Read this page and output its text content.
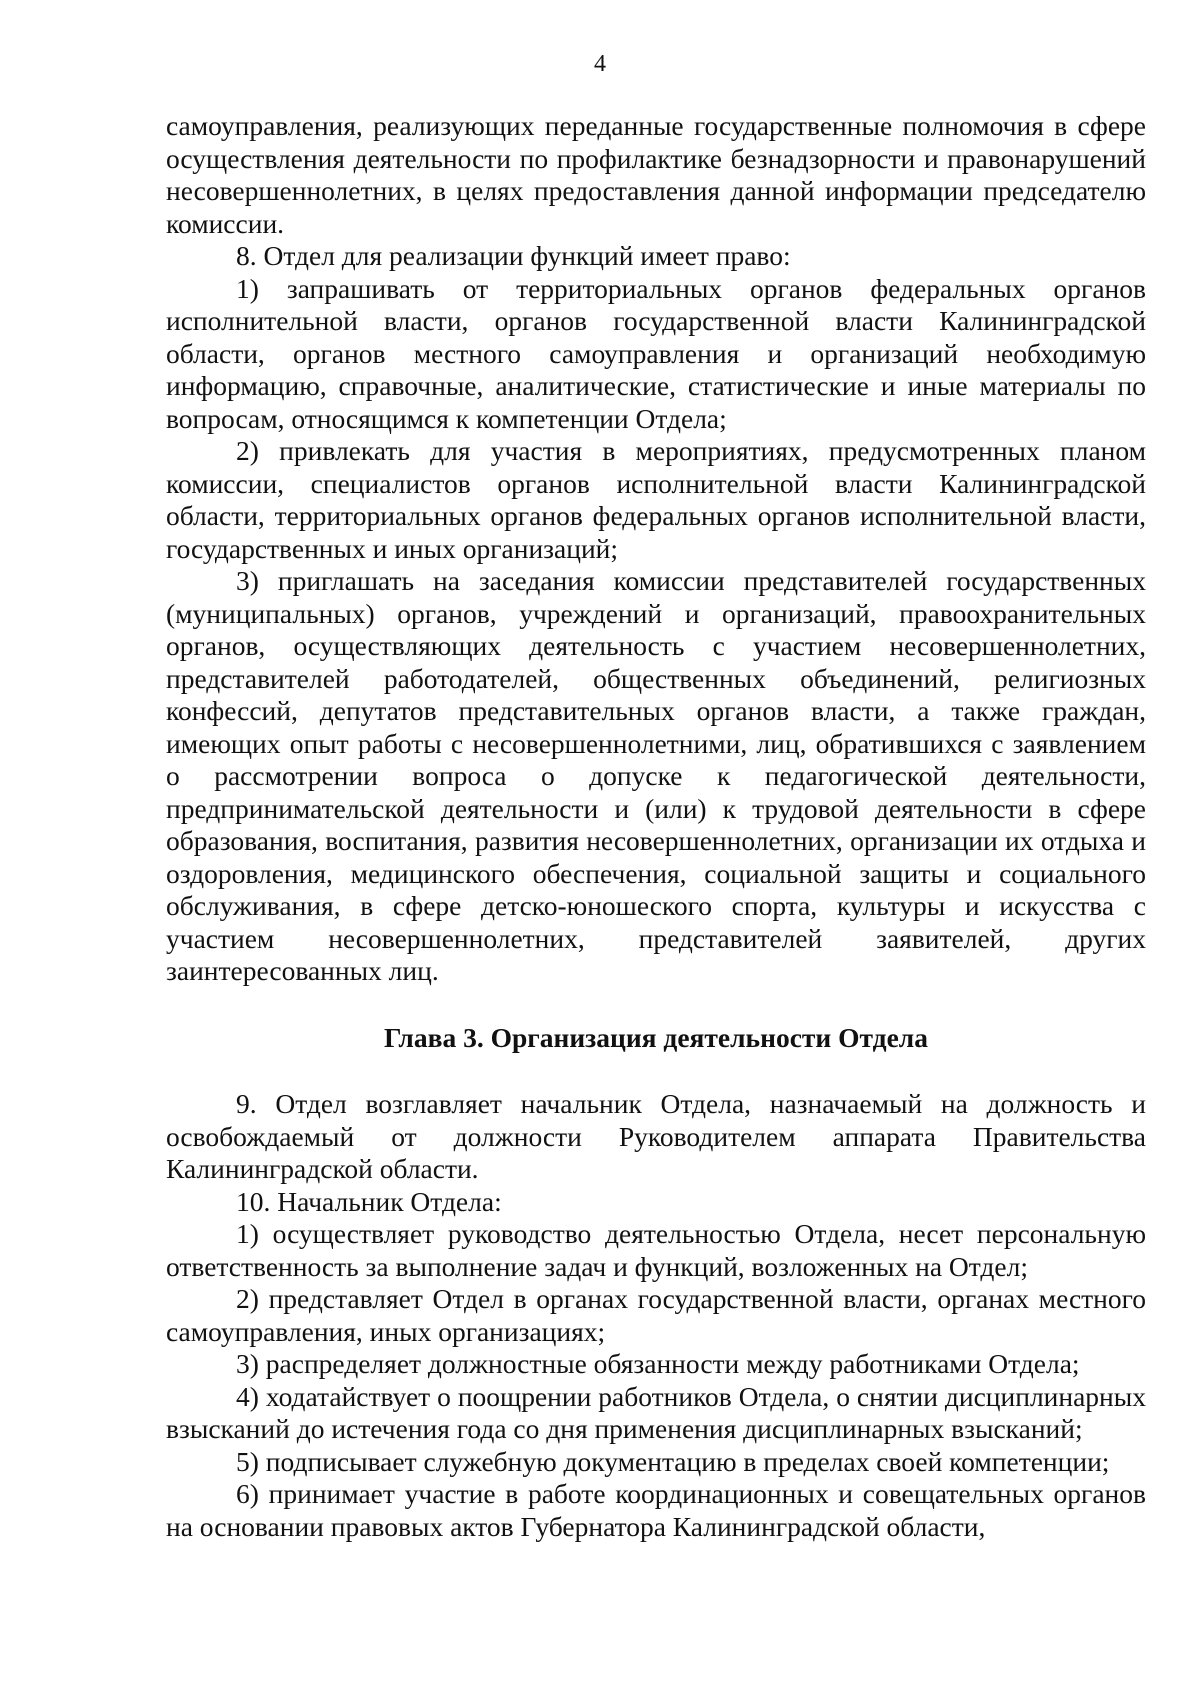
4

самоуправления, реализующих переданные государственные полномочия в сфере осуществления деятельности по профилактике безнадзорности и правонарушений несовершеннолетних, в целях предоставления данной информации председателю комиссии.

8. Отдел для реализации функций имеет право:

1) запрашивать от территориальных органов федеральных органов исполнительной власти, органов государственной власти Калининградской области, органов местного самоуправления и организаций необходимую информацию, справочные, аналитические, статистические и иные материалы по вопросам, относящимся к компетенции Отдела;

2) привлекать для участия в мероприятиях, предусмотренных планом комиссии, специалистов органов исполнительной власти Калининградской области, территориальных органов федеральных органов исполнительной власти, государственных и иных организаций;

3) приглашать на заседания комиссии представителей государственных (муниципальных) органов, учреждений и организаций, правоохранительных органов, осуществляющих деятельность с участием несовершеннолетних, представителей работодателей, общественных объединений, религиозных конфессий, депутатов представительных органов власти, а также граждан, имеющих опыт работы с несовершеннолетними, лиц, обратившихся с заявлением о рассмотрении вопроса о допуске к педагогической деятельности, предпринимательской деятельности и (или) к трудовой деятельности в сфере образования, воспитания, развития несовершеннолетних, организации их отдыха и оздоровления, медицинского обеспечения, социальной защиты и социального обслуживания, в сфере детско-юношеского спорта, культуры и искусства с участием несовершеннолетних, представителей заявителей, других заинтересованных лиц.

Глава 3. Организация деятельности Отдела

9. Отдел возглавляет начальник Отдела, назначаемый на должность и освобождаемый от должности Руководителем аппарата Правительства Калининградской области.

10. Начальник Отдела:

1) осуществляет руководство деятельностью Отдела, несет персональную ответственность за выполнение задач и функций, возложенных на Отдел;

2) представляет Отдел в органах государственной власти, органах местного самоуправления, иных организациях;

3) распределяет должностные обязанности между работниками Отдела;

4) ходатайствует о поощрении работников Отдела, о снятии дисциплинарных взысканий до истечения года со дня применения дисциплинарных взысканий;

5) подписывает служебную документацию в пределах своей компетенции;

6) принимает участие в работе координационных и совещательных органов на основании правовых актов Губернатора Калининградской области,
